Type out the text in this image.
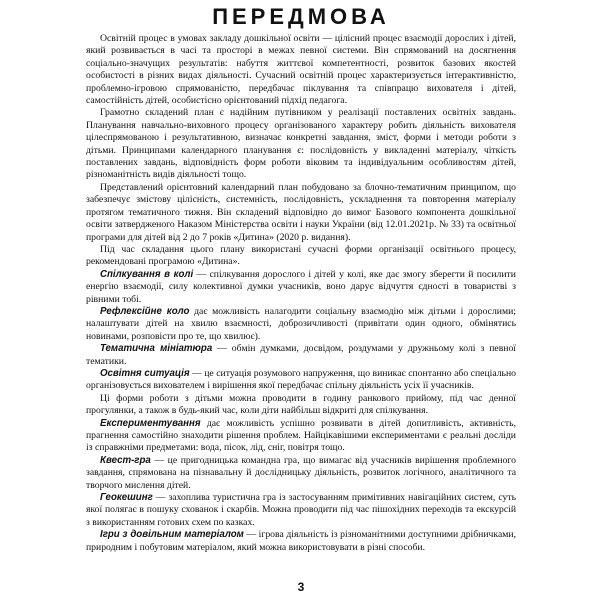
ПЕРЕДМОВА

Освітній процес в умовах закладу дошкільної освіти — цілісний процес взаємодії дорослих і дітей, який розвивається в часі та просторі в межах певної системи. Він спрямований на досягнення соціально-значущих результатів: набуття життєвої компетентності, розвиток базових якостей особистості в різних видах діяльності. Сучасний освітній процес характеризується інтерактивністю, проблемно-ігровою спрямованістю, передбачає піклування та співпрацю вихователя і дітей, самостійність дітей, особистісно орієнтований підхід педагога.

Грамотно складений план є надійним путівником у реалізації поставлених освітніх завдань. Планування навчально-виховного процесу організованого характеру робить діяльність вихователя цілеспрямованою і результативною, визначає конкретні завдання, зміст, форми і методи роботи з дітьми. Принципами календарного планування є: послідовність у викладенні матеріалу, чіткість поставлених завдань, відповідність форм роботи віковим та індивідуальним особливостям дітей, різноманітність видів діяльності тощо.

Представлений орієнтовний календарний план побудовано за блочно-тематичним принципом, що забезпечує змістову цілісність, системність, послідовність, ускладнення та повторення матеріалу протягом тематичного тижня. Він складений відповідно до вимог Базового компонента дошкільної освіти затвердженого Наказом Міністерства освіти і науки України (від 12.01.2021р. № 33) та освітньої програми для дітей від 2 до 7 років «Дитина» (2020 р. видання).

Під час складання цього плану використані сучасні форми організації освітнього процесу, рекомендовані програмою «Дитина».

Спілкування в колі — спілкування дорослого і дітей у колі, яке дає змогу зберегти й посилити енергію взаємодії, силу колективної думки учасників, воно дарує відчуття єдності в товаристві з рівними тобі.

Рефлексійне коло дає можливість налагодити соціальну взаємодію між дітьми і дорослими; налаштувати дітей на хвилю взаємності, доброзичливості (привітати один одного, обмінятись новинами, розповісти про те, що хвилює).

Тематична мініатюра — обмін думками, досвідом, роздумами у дружньому колі з певної тематики.

Освітня ситуація — це ситуація розумового напруження, що виникає спонтанно або спеціально організовується вихователем і вирішення якої передбачає спільну діяльність усіх її учасників.

Ці форми роботи з дітьми можна проводити в годину ранкового прийому, під час денної прогулянки, а також в будь-який час, коли діти найбільш відкриті для спілкування.

Експериментування дає можливість успішно розвивати в дітей допитливість, активність, прагнення самостійно знаходити рішення проблем. Найцікавішими експериментами є реальні досліди із справжніми предметами: вода, пісок, лід, сніг, повітря тощо.

Квест-гра — це пригодницька командна гра, що вимагає від учасників вирішення проблемного завдання, спрямована на пізнавальну й дослідницьку діяльність, розвиток логічного, аналітичного та творчого мислення дітей.

Геокешинг — захоплива туристична гра із застосуванням примітивних навігаційних систем, суть якої полягає в пошуку схованок і скарбів. Можна проводити під час пішохідних переходів та екскурсій з використанням готових схем по казках.

Ігри з довільним матеріалом — ігрова діяльність із різноманітними доступними дрібничками, природним і побутовим матеріалом, який можна використовувати в різні способи.

3
